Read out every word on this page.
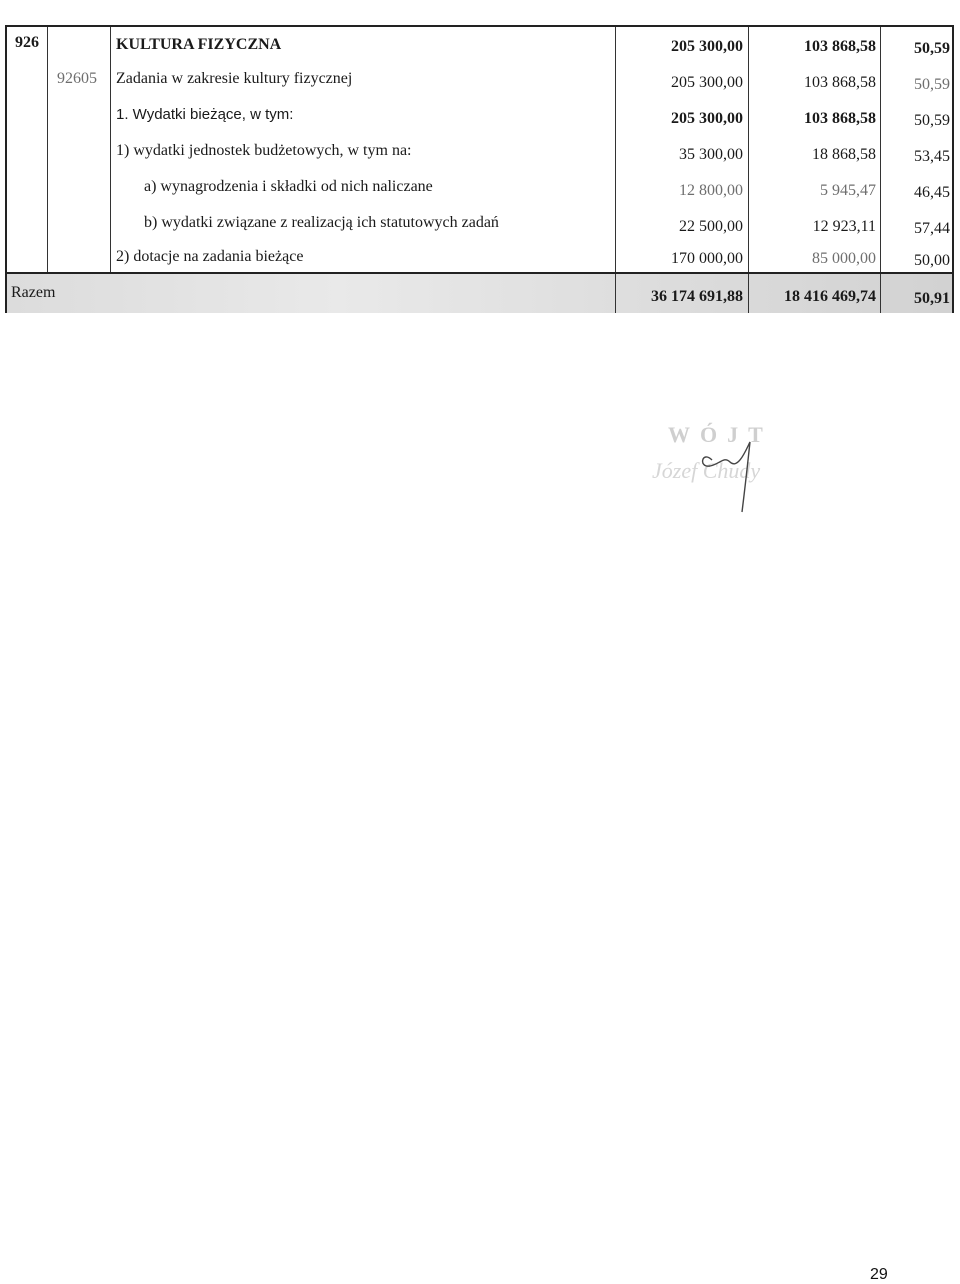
926	KULTURA FIZYCZNA	205 300,00	103 868,58	50,59
92605 Zadania w zakresie kultury fizycznej	205 300,00	103 868,58	50,59
1. Wydatki bieżące, w tym:	205 300,00	103 868,58	50,59
1) wydatki jednostek budżetowych, w tym na:	35 300,00	18 868,58	53,45
a) wynagrodzenia i składki od nich naliczane	12 800,00	5 945,47	46,45
b) wydatki związane z realizacją ich statutowych zadań	22 500,00	12 923,11	57,44
2) dotacje na zadania bieżące	170 000,00	85 000,00	50,00
Razem	36 174 691,88	18 416 469,74	50,91
WÓJT
Józef Chudy
29
